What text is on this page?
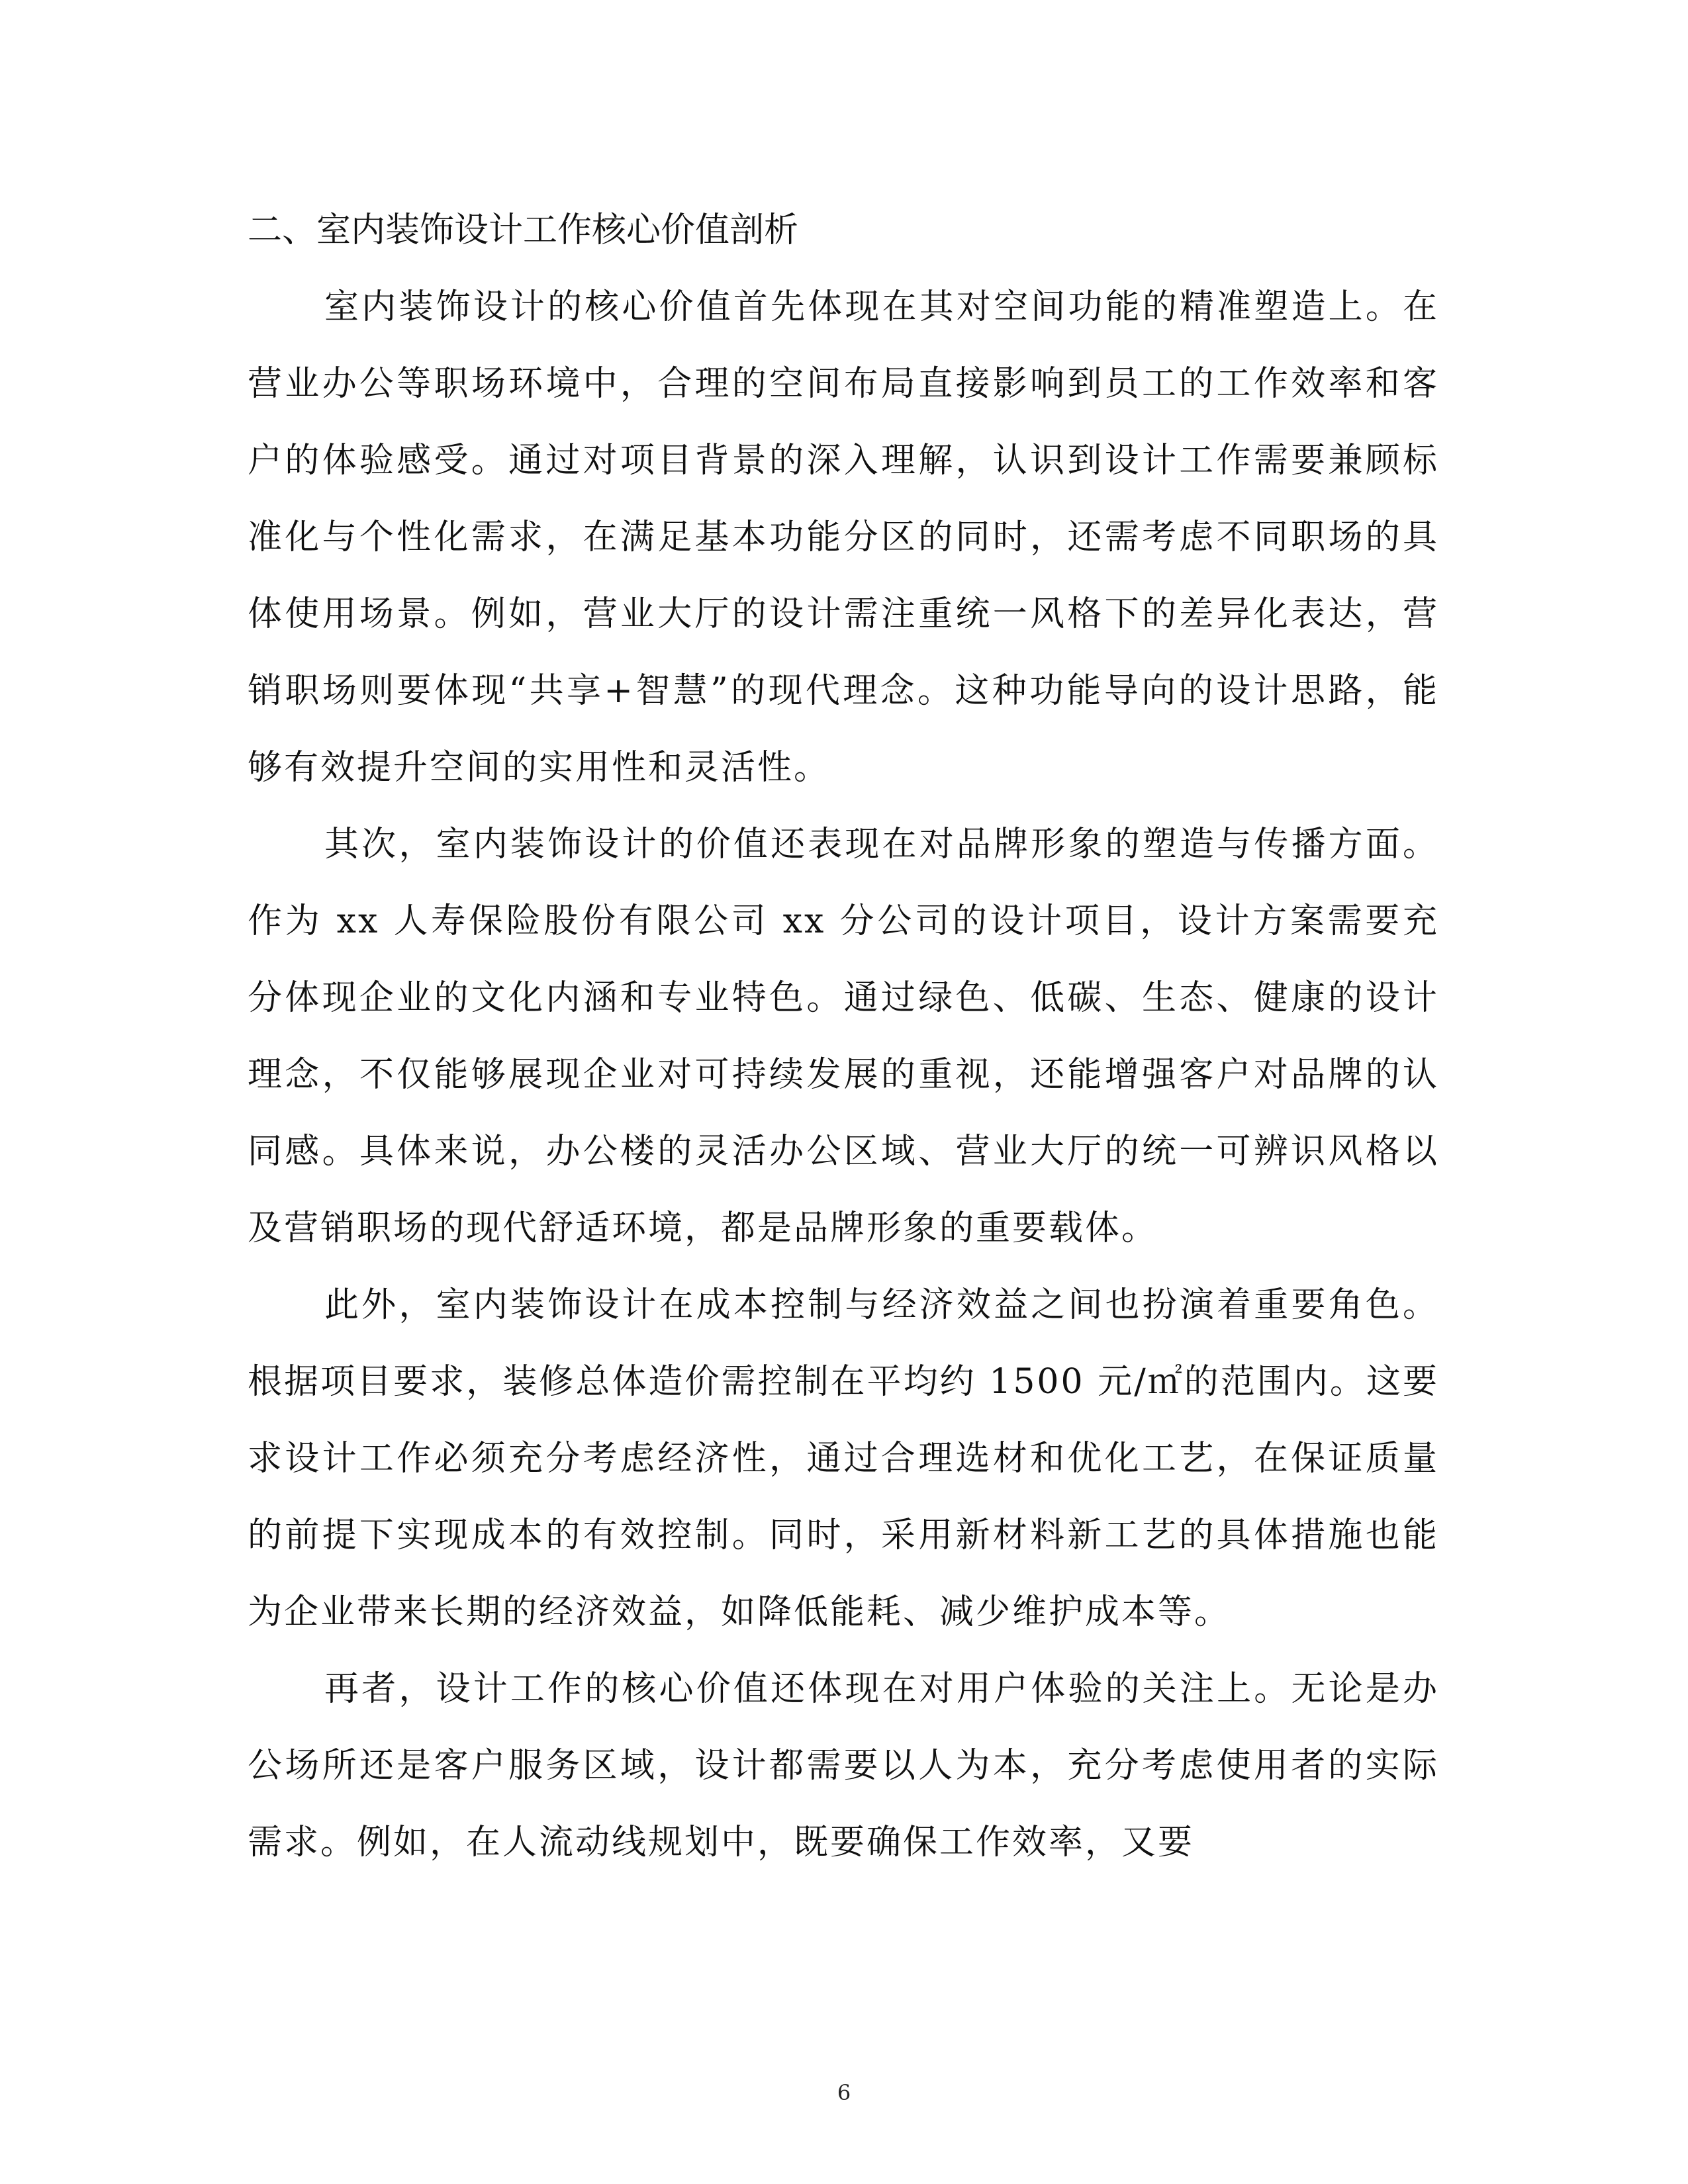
二、室内装饰设计工作核心价值剖析

室内装饰设计的核心价值首先体现在其对空间功能的精准塑造上。在营业办公等职场环境中，合理的空间布局直接影响到员工的工作效率和客户的体验感受。通过对项目背景的深入理解，认识到设计工作需要兼顾标准化与个性化需求，在满足基本功能分区的同时，还需考虑不同职场的具体使用场景。例如，营业大厅的设计需注重统一风格下的差异化表达，营销职场则要体现“共享+智慧”的现代理念。这种功能导向的设计思路，能够有效提升空间的实用性和灵活性。

其次，室内装饰设计的价值还表现在对品牌形象的塑造与传播方面。作为 xx 人寿保险股份有限公司 xx 分公司的设计项目，设计方案需要充分体现企业的文化内涵和专业特色。通过绿色、低碳、生态、健康的设计理念，不仅能够展现企业对可持续发展的重视，还能增强客户对品牌的认同感。具体来说，办公楼的灵活办公区域、营业大厅的统一可辨识风格以及营销职场的现代舒适环境，都是品牌形象的重要载体。

此外，室内装饰设计在成本控制与经济效益之间也扮演着重要角色。根据项目要求，装修总体造价需控制在平均约 1500 元/㎡的范围内。这要求设计工作必须充分考虑经济性，通过合理选材和优化工艺，在保证质量的前提下实现成本的有效控制。同时，采用新材料新工艺的具体措施也能为企业带来长期的经济效益，如降低能耗、减少维护成本等。

再者，设计工作的核心价值还体现在对用户体验的关注上。无论是办公场所还是客户服务区域，设计都需要以人为本，充分考虑使用者的实际需求。例如，在人流动线规划中，既要确保工作效率，又要

6
